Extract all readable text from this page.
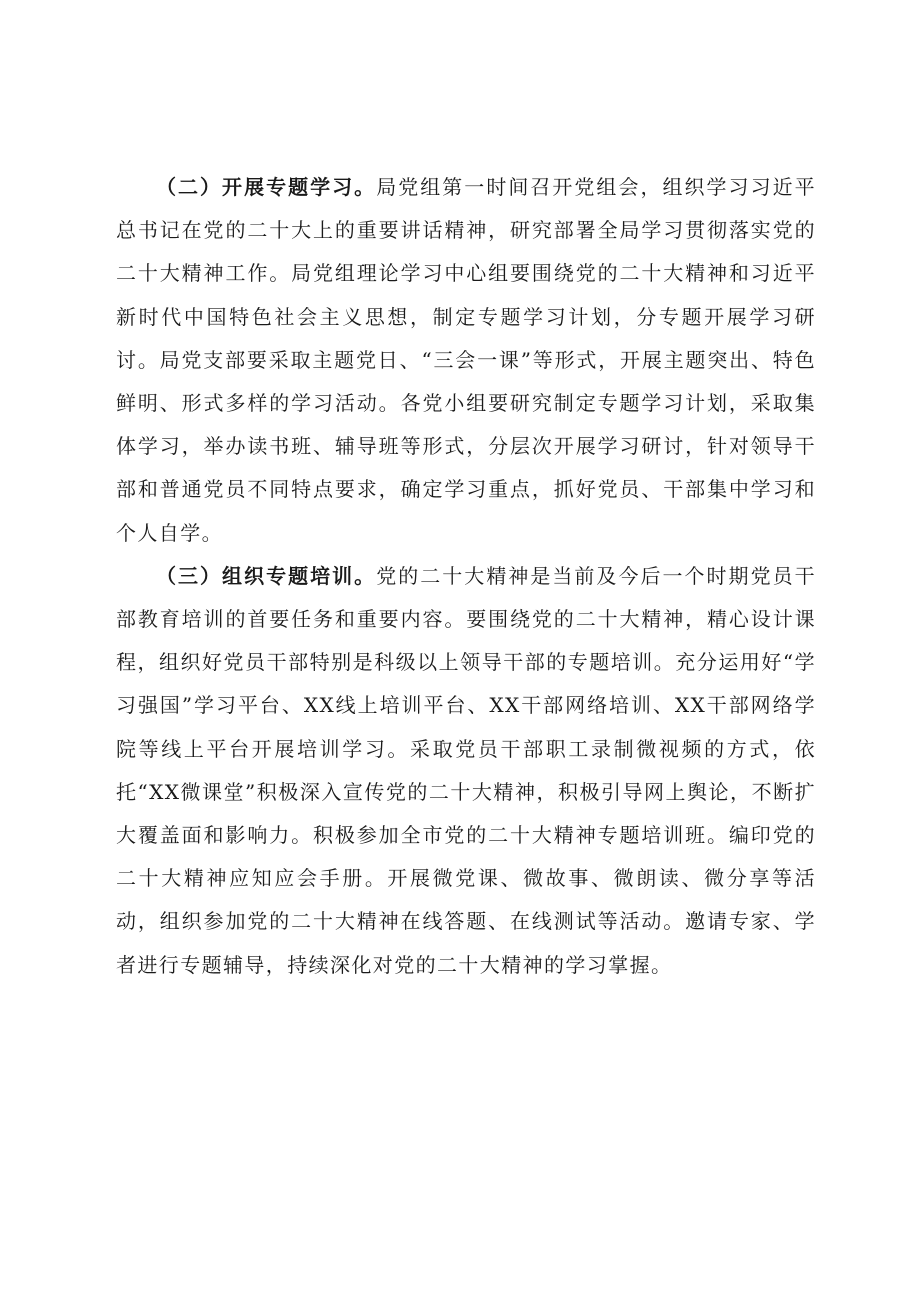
（二）开展专题学习。局党组第一时间召开党组会，组织学习习近平总书记在党的二十大上的重要讲话精神，研究部署全局学习贯彻落实党的二十大精神工作。局党组理论学习中心组要围绕党的二十大精神和习近平新时代中国特色社会主义思想，制定专题学习计划，分专题开展学习研讨。局党支部要采取主题党日、“三会一课”等形式，开展主题突出、特色鲜明、形式多样的学习活动。各党小组要研究制定专题学习计划，采取集体学习，举办读书班、辅导班等形式，分层次开展学习研讨，针对领导干部和普通党员不同特点要求，确定学习重点，抓好党员、干部集中学习和个人自学。

（三）组织专题培训。党的二十大精神是当前及今后一个时期党员干部教育培训的首要任务和重要内容。要围绕党的二十大精神，精心设计课程，组织好党员干部特别是科级以上领导干部的专题培训。充分运用好“学习强国”学习平台、XX线上培训平台、XX干部网络培训、XX干部网络学院等线上平台开展培训学习。采取党员干部职工录制微视频的方式，依托“XX微课堂”积极深入宣传党的二十大精神，积极引导网上舆论，不断扩大覆盖面和影响力。积极参加全市党的二十大精神专题培训班。编印党的二十大精神应知应会手册。开展微党课、微故事、微朗读、微分享等活动，组织参加党的二十大精神在线答题、在线测试等活动。邀请专家、学者进行专题辅导，持续深化对党的二十大精神的学习掌握。
